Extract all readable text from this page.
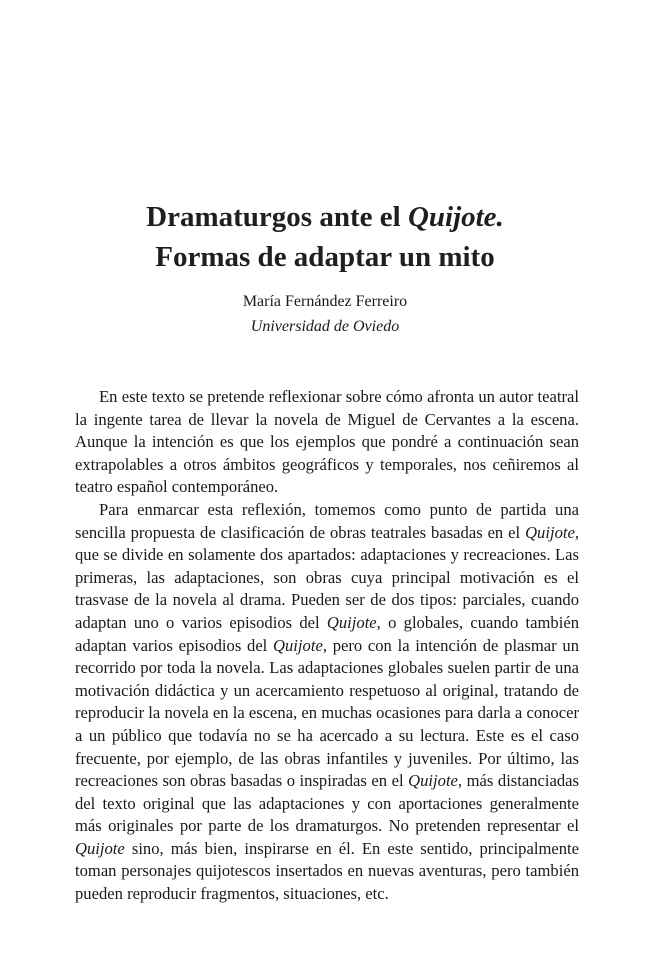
Dramaturgos ante el Quijote.
Formas de adaptar un mito
María Fernández Ferreiro
Universidad de Oviedo

En este texto se pretende reflexionar sobre cómo afronta un autor teatral la ingente tarea de llevar la novela de Miguel de Cervantes a la escena. Aunque la intención es que los ejemplos que pondré a continuación sean extrapolables a otros ámbitos geográficos y temporales, nos ceñiremos al teatro español contemporáneo.

Para enmarcar esta reflexión, tomemos como punto de partida una sencilla propuesta de clasificación de obras teatrales basadas en el Quijote, que se divide en solamente dos apartados: adaptaciones y recreaciones. Las primeras, las adaptaciones, son obras cuya principal motivación es el trasvase de la novela al drama. Pueden ser de dos tipos: parciales, cuando adaptan uno o varios episodios del Quijote, o globales, cuando también adaptan varios episodios del Quijote, pero con la intención de plasmar un recorrido por toda la novela. Las adaptaciones globales suelen partir de una motivación didáctica y un acercamiento respetuoso al original, tratando de reproducir la novela en la escena, en muchas ocasiones para darla a conocer a un público que todavía no se ha acercado a su lectura. Este es el caso frecuente, por ejemplo, de las obras infantiles y juveniles. Por último, las recreaciones son obras basadas o inspiradas en el Quijote, más distanciadas del texto original que las adaptaciones y con aportaciones generalmente más originales por parte de los dramaturgos. No pretenden representar el Quijote sino, más bien, inspirarse en él. En este sentido, principalmente toman personajes quijotescos insertados en nuevas aventuras, pero también pueden reproducir fragmentos, situaciones, etc.
